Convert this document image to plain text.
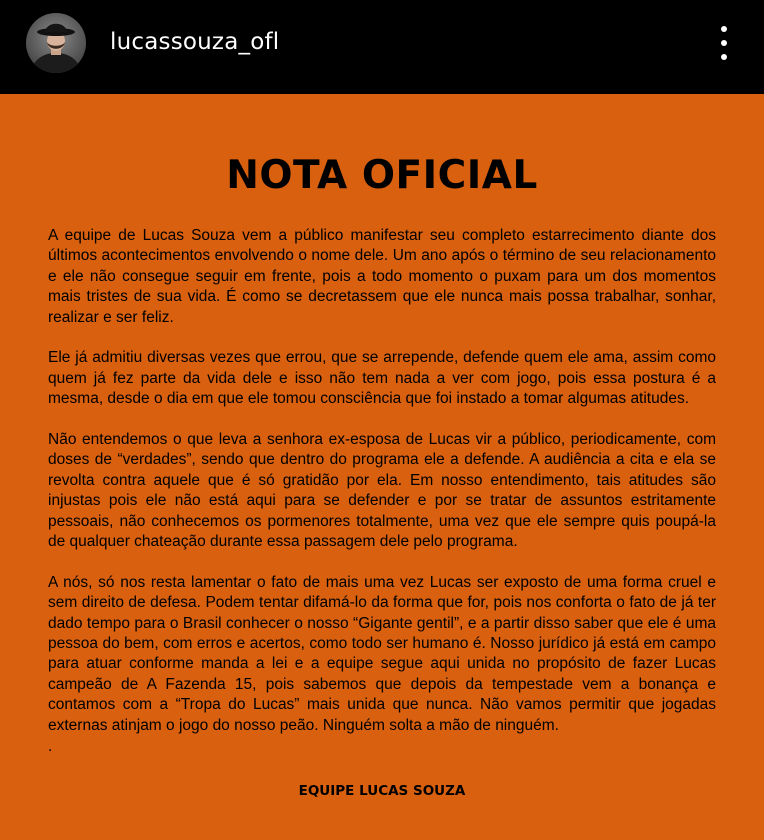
lucassouza_ofl
NOTA OFICIAL

A equipe de Lucas Souza vem a público manifestar seu completo estarrecimento diante dos últimos acontecimentos envolvendo o nome dele. Um ano após o término de seu relacionamento e ele não consegue seguir em frente, pois a todo momento o puxam para um dos momentos mais tristes de sua vida. É como se decretassem que ele nunca mais possa trabalhar, sonhar, realizar e ser feliz.

Ele já admitiu diversas vezes que errou, que se arrepende, defende quem ele ama, assim como quem já fez parte da vida dele e isso não tem nada a ver com jogo, pois essa postura é a mesma, desde o dia em que ele tomou consciência que foi instado a tomar algumas atitudes.

Não entendemos o que leva a senhora ex-esposa de Lucas vir a público, periodicamente, com doses de “verdades”, sendo que dentro do programa ele a defende. A audiência a cita e ela se revolta contra aquele que é só gratidão por ela. Em nosso entendimento, tais atitudes são injustas pois ele não está aqui para se defender e por se tratar de assuntos estritamente pessoais, não conhecemos os pormenores totalmente, uma vez que ele sempre quis poupá-la de qualquer chateação durante essa passagem dele pelo programa.

A nós, só nos resta lamentar o fato de mais uma vez Lucas ser exposto de uma forma cruel e sem direito de defesa. Podem tentar difamá-lo da forma que for, pois nos conforta o fato de já ter dado tempo para o Brasil conhecer o nosso “Gigante gentil”, e a partir disso saber que ele é uma pessoa do bem, com erros e acertos, como todo ser humano é. Nosso jurídico já está em campo para atuar conforme manda a lei e a equipe segue aqui unida no propósito de fazer Lucas campeão de A Fazenda 15, pois sabemos que depois da tempestade vem a bonança e contamos com a “Tropa do Lucas” mais unida que nunca. Não vamos permitir que jogadas externas atinjam o jogo do nosso peão. Ninguém solta a mão de ninguém.

.

EQUIPE LUCAS SOUZA
